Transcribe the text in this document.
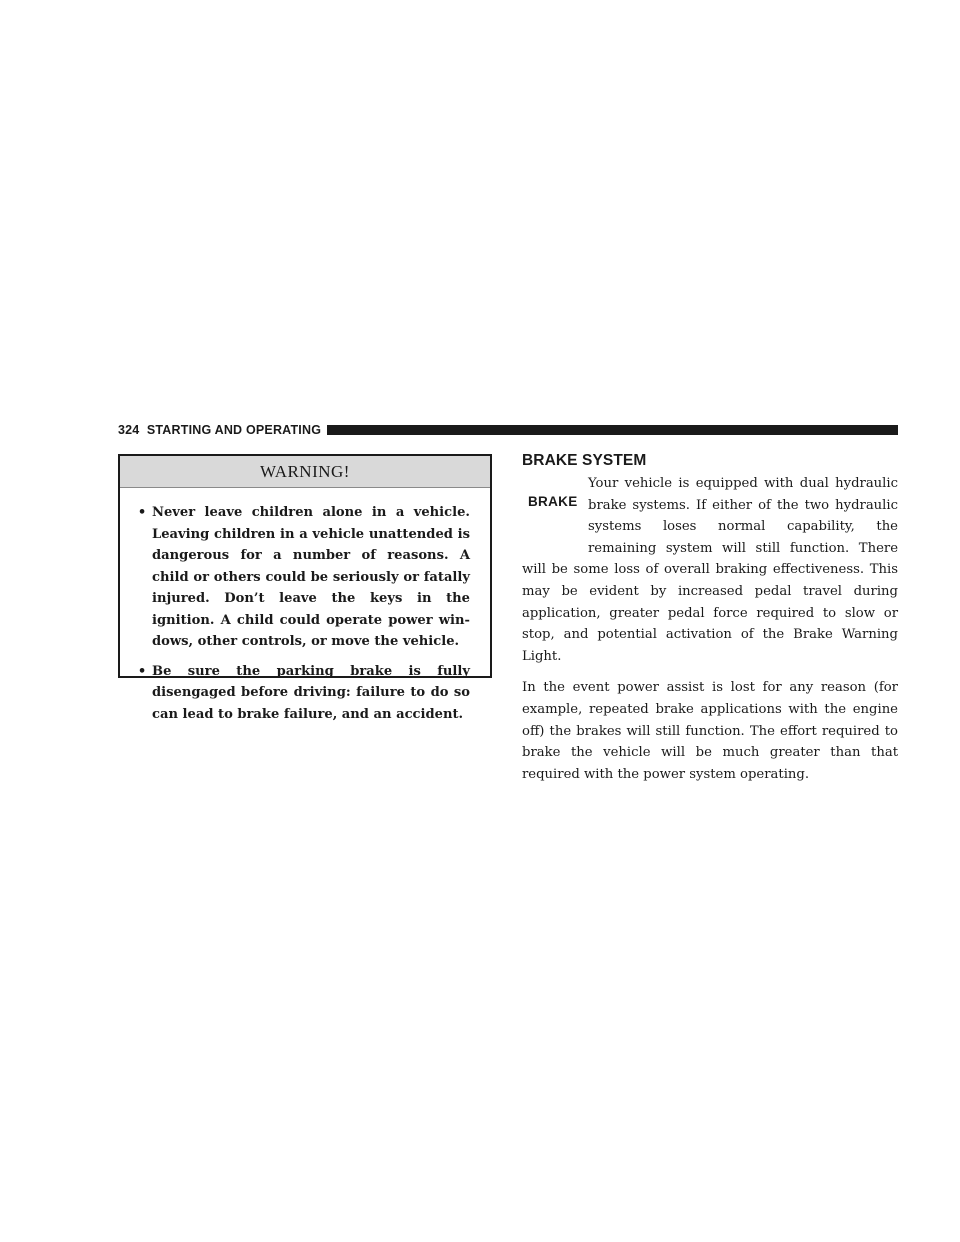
324 STARTING AND OPERATING
WARNING!
• Never leave children alone in a vehicle. Leaving children in a vehicle unattended is dangerous for a number of reasons. A child or others could be seriously or fatally injured. Don’t leave the keys in the ignition. A child could operate power win- dows, other controls, or move the vehicle.
• Be sure the parking brake is fully disengaged before driving: failure to do so can lead to brake failure, and an accident.
BRAKE SYSTEM
BRAKE

Your vehicle is equipped with dual hydraulic brake systems. If either of the two hydraulic systems loses normal capability, the remaining system will still function. There will be some loss of overall braking effectiveness. This may be evident by increased pedal travel during application, greater pedal force required to slow or stop, and potential activation of the Brake Warning Light.

In the event power assist is lost for any reason (for example, repeated brake applications with the engine off) the brakes will still function. The effort required to brake the vehicle will be much greater than that required with the power system operating.
